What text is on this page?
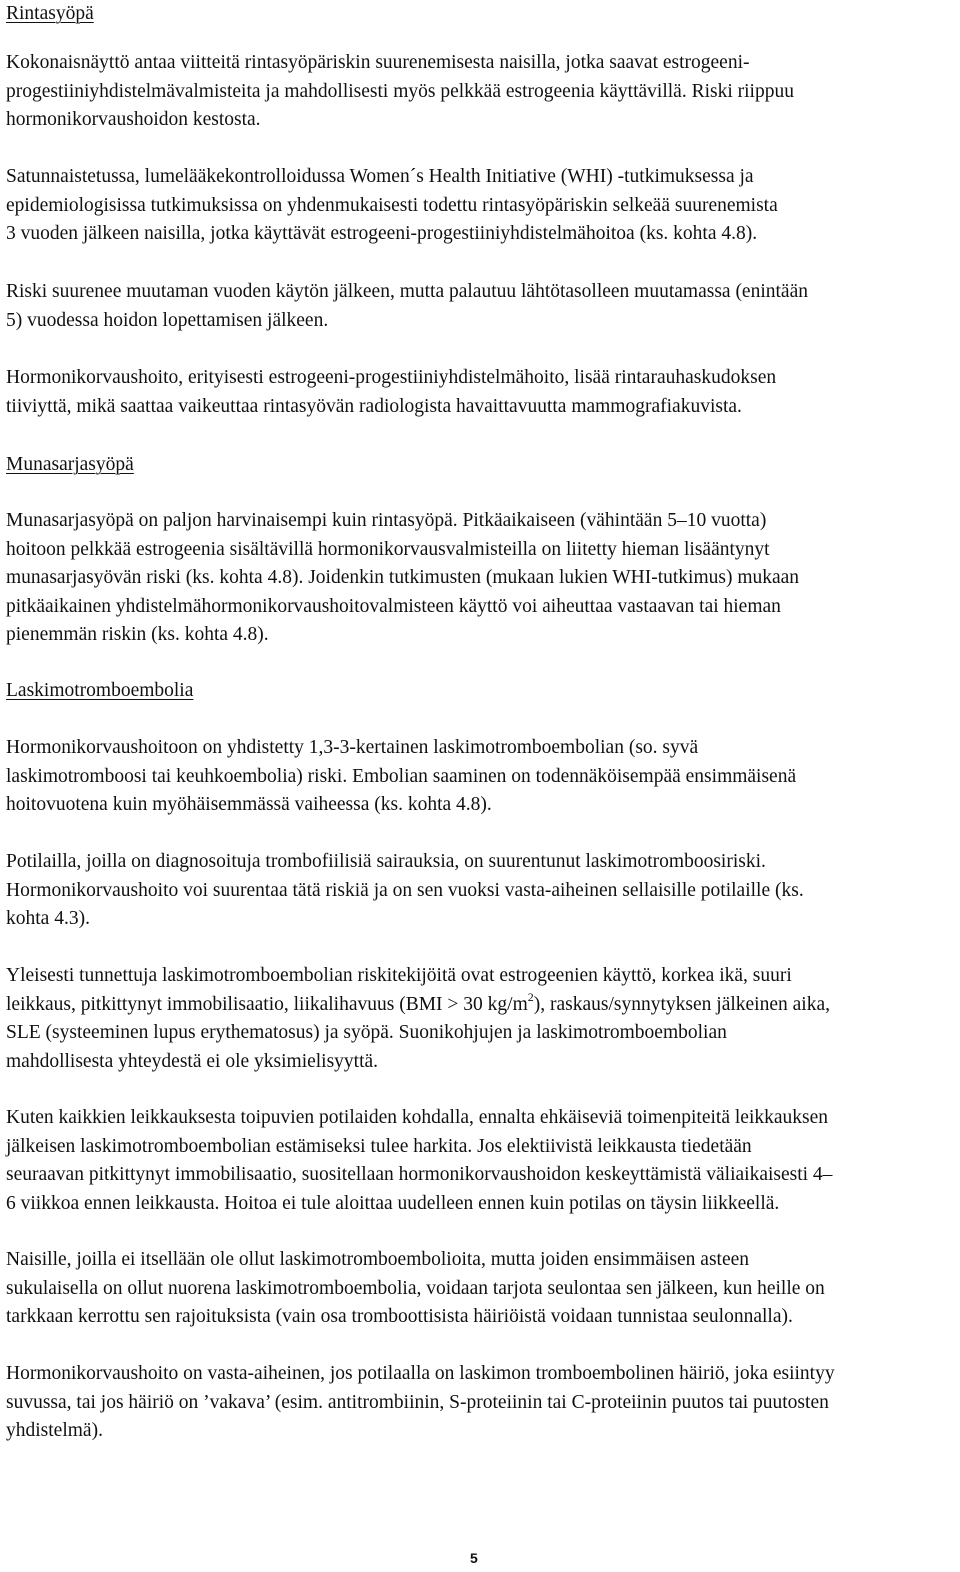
Rintasyöpä
Kokonaisnäyttö antaa viitteitä rintasyöpäriskin suurenemisesta naisilla, jotka saavat estrogeeni-
progestiiniyhdistelmävalmisteita ja mahdollisesti myös pelkkää estrogeenia käyttävillä. Riski riippuu
hormonikorvaushoidon kestosta.
Satunnaistetussa, lumelääkekontrolloidussa Women´s Health Initiative (WHI) -tutkimuksessa ja
epidemiologisissa tutkimuksissa on yhdenmukaisesti todettu rintasyöpäriskin selkeää suurenemista
3 vuoden jälkeen naisilla, jotka käyttävät estrogeeni-progestiiniyhdistelmähoitoa (ks. kohta 4.8).
Riski suurenee muutaman vuoden käytön jälkeen, mutta palautuu lähtötasolleen muutamassa (enintään
5) vuodessa hoidon lopettamisen jälkeen.
Hormonikorvaushoito, erityisesti estrogeeni-progestiiniyhdistelmähoito, lisää rintarauhaskudoksen
tiiviyttä, mikä saattaa vaikeuttaa rintasyövän radiologista havaittavuutta mammografiakuvista.
Munasarjasyöpä
Munasarjasyöpä on paljon harvinaisempi kuin rintasyöpä. Pitkäaikaiseen (vähintään 5–10 vuotta)
hoitoon pelkkää estrogeenia sisältävillä hormonikorvausvalmisteilla on liitetty hieman lisääntynyt
munasarjasyövän riski (ks. kohta 4.8). Joidenkin tutkimusten (mukaan lukien WHI-tutkimus) mukaan
pitkäaikainen yhdistelmähormonikorvaushoitovalmisteen käyttö voi aiheuttaa vastaavan tai hieman
pienemmän riskin (ks. kohta 4.8).
Laskimotromboembolia
Hormonikorvaushoitoon on yhdistetty 1,3-3-kertainen laskimotromboembolian (so. syvä
laskimotromboosi tai keuhkoembolia) riski. Embolian saaminen on todennäköisempää ensimmäisenä
hoitovuotena kuin myöhäisemmässä vaiheessa (ks. kohta 4.8).
Potilailla, joilla on diagnosoituja trombofiilisiä sairauksia, on suurentunut laskimotromboosiriski.
Hormonikorvaushoito voi suurentaa tätä riskiä ja on sen vuoksi vasta-aiheinen sellaisille potilaille (ks.
kohta 4.3).
Yleisesti tunnettuja laskimotromboembolian riskitekijöitä ovat estrogeenien käyttö, korkea ikä, suuri
leikkaus, pitkittynyt immobilisaatio, liikalihavuus (BMI > 30 $kg/m^2$), raskaus/synnytyksen jälkeinen aika,
SLE (systeeminen lupus erythematosus) ja syöpä. Suonikohjujen ja laskimotromboembolian
mahdollisesta yhteydestä ei ole yksimielisyyttä.
Kuten kaikkien leikkauksesta toipuvien potilaiden kohdalla, ennalta ehkäiseviä toimenpiteitä leikkauksen
jälkeisen laskimotromboembolian estämiseksi tulee harkita. Jos elektiivistä leikkausta tiedetään
seuraavan pitkittynyt immobilisaatio, suositellaan hormonikorvaushoidon keskeyttämistä väliaikaisesti 4–
6 viikkoa ennen leikkausta. Hoitoa ei tule aloittaa uudelleen ennen kuin potilas on täysin liikkeellä.
Naisille, joilla ei itsellään ole ollut laskimotromboembolioita, mutta joiden ensimmäisen asteen
sukulaisella on ollut nuorena laskimotromboembolia, voidaan tarjota seulontaa sen jälkeen, kun heille on
tarkkaan kerrottu sen rajoituksista (vain osa tromboottisista häiriöistä voidaan tunnistaa seulonnalla).
Hormonikorvaushoito on vasta-aiheinen, jos potilaalla on laskimon tromboembolinen häiriö, joka esiintyy
suvussa, tai jos häiriö on ’vakava’ (esim. antitrombiinin, S-proteiinin tai C-proteiinin puutos tai puutosten
yhdistelmä).
5
